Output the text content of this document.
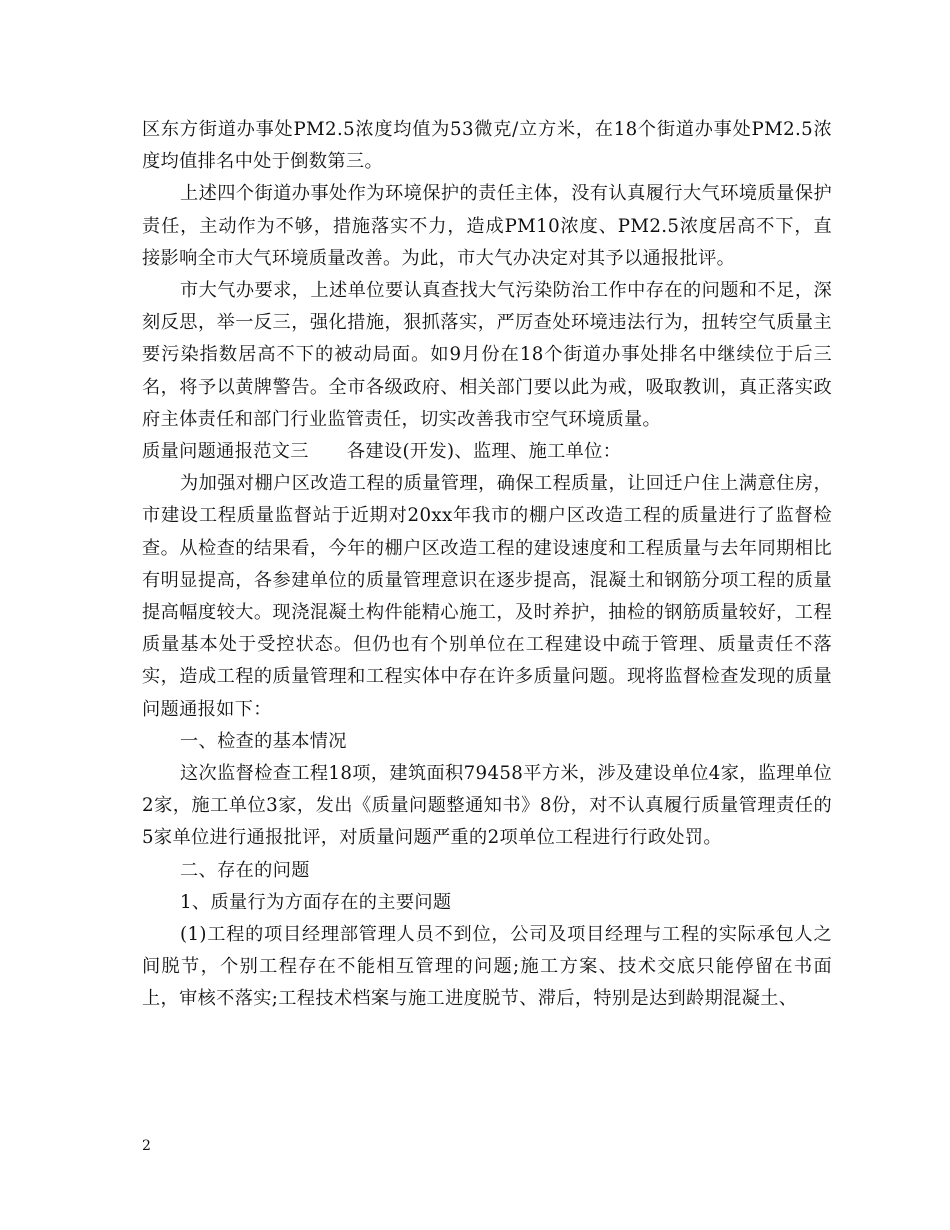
区东方街道办事处PM2.5浓度均值为53微克/立方米，在18个街道办事处PM2.5浓度均值排名中处于倒数第三。

上述四个街道办事处作为环境保护的责任主体，没有认真履行大气环境质量保护责任，主动作为不够，措施落实不力，造成PM10浓度、PM2.5浓度居高不下，直接影响全市大气环境质量改善。为此，市大气办决定对其予以通报批评。

市大气办要求，上述单位要认真查找大气污染防治工作中存在的问题和不足，深刻反思，举一反三，强化措施，狠抓落实，严厉查处环境违法行为，扭转空气质量主要污染指数居高不下的被动局面。如9月份在18个街道办事处排名中继续位于后三名，将予以黄牌警告。全市各级政府、相关部门要以此为戒，吸取教训，真正落实政府主体责任和部门行业监管责任，切实改善我市空气环境质量。

质量问题通报范文三 各建设(开发)、监理、施工单位：

为加强对棚户区改造工程的质量管理，确保工程质量，让回迁户住上满意住房，市建设工程质量监督站于近期对20xx年我市的棚户区改造工程的质量进行了监督检查。从检查的结果看，今年的棚户区改造工程的建设速度和工程质量与去年同期相比有明显提高，各参建单位的质量管理意识在逐步提高，混凝土和钢筋分项工程的质量提高幅度较大。现浇混凝土构件能精心施工，及时养护，抽检的钢筋质量较好，工程质量基本处于受控状态。但仍也有个别单位在工程建设中疏于管理、质量责任不落实，造成工程的质量管理和工程实体中存在许多质量问题。现将监督检查发现的质量问题通报如下：

一、检查的基本情况

这次监督检查工程18项，建筑面积79458平方米，涉及建设单位4家，监理单位2家，施工单位3家，发出《质量问题整通知书》8份，对不认真履行质量管理责任的5家单位进行通报批评，对质量问题严重的2项单位工程进行行政处罚。

二、存在的问题

1、质量行为方面存在的主要问题

(1)工程的项目经理部管理人员不到位，公司及项目经理与工程的实际承包人之间脱节，个别工程存在不能相互管理的问题;施工方案、技术交底只能停留在书面上，审核不落实;工程技术档案与施工进度脱节、滞后，特别是达到龄期混凝土、

2
